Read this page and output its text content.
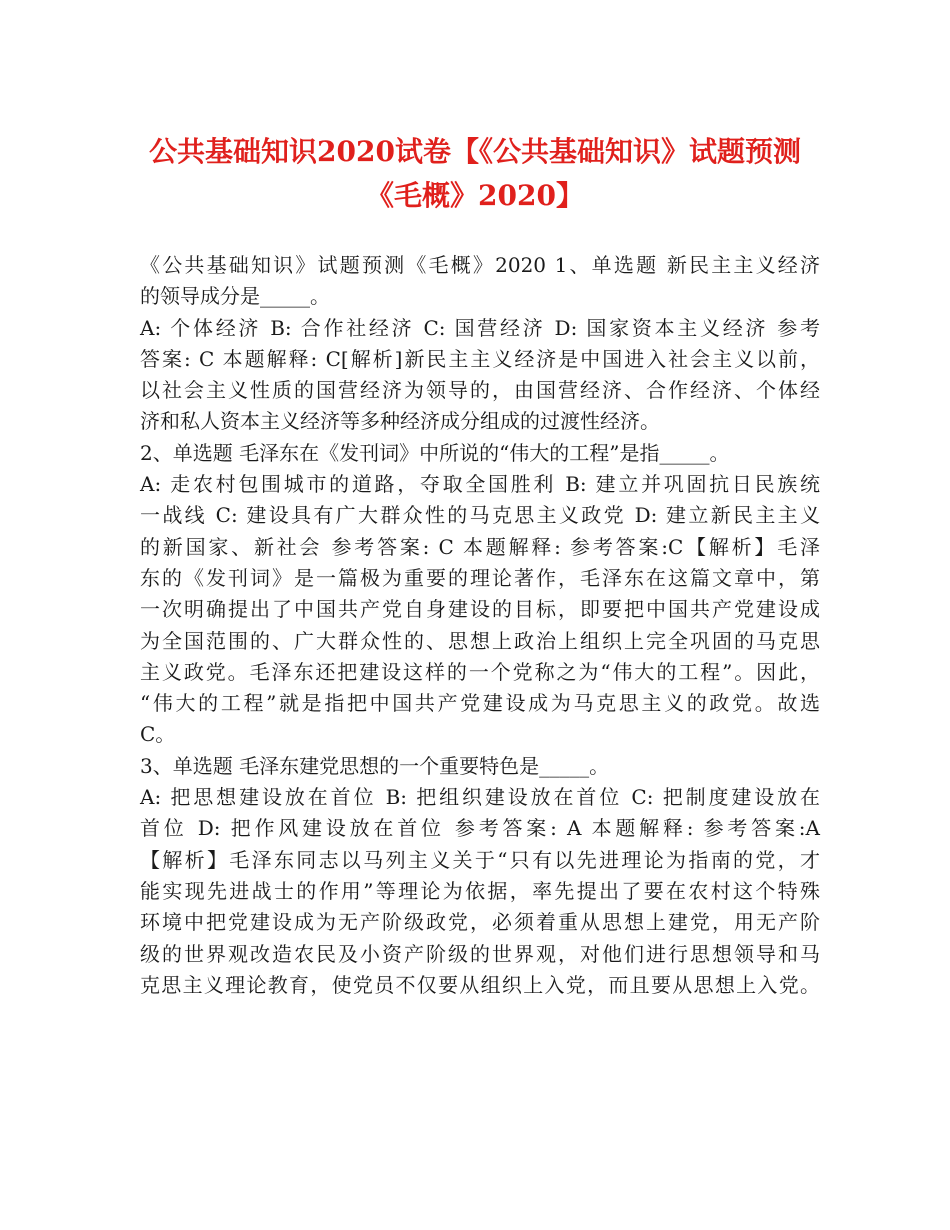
公共基础知识2020试卷【《公共基础知识》试题预测
《毛概》2020】
《公共基础知识》试题预测《毛概》2020 1、单选题 新民主主义经济
的领导成分是_____。
A: 个体经济 B: 合作社经济 C: 国营经济 D: 国家资本主义经济 参考
答案: C 本题解释: C[解析]新民主主义经济是中国进入社会主义以前，
以社会主义性质的国营经济为领导的，由国营经济、合作经济、个体经
济和私人资本主义经济等多种经济成分组成的过渡性经济。
2、单选题 毛泽东在《发刊词》中所说的“伟大的工程”是指_____。
A: 走农村包围城市的道路，夺取全国胜利 B: 建立并巩固抗日民族统
一战线 C: 建设具有广大群众性的马克思主义政党 D: 建立新民主主义
的新国家、新社会 参考答案: C 本题解释: 参考答案:C【解析】毛泽
东的《发刊词》是一篇极为重要的理论著作，毛泽东在这篇文章中，第
一次明确提出了中国共产党自身建设的目标，即要把中国共产党建设成
为全国范围的、广大群众性的、思想上政治上组织上完全巩固的马克思
主义政党。毛泽东还把建设这样的一个党称之为“伟大的工程”。因此，
“伟大的工程”就是指把中国共产党建设成为马克思主义的政党。故选
C。
3、单选题 毛泽东建党思想的一个重要特色是_____。
A: 把思想建设放在首位 B: 把组织建设放在首位 C: 把制度建设放在
首位 D: 把作风建设放在首位 参考答案: A 本题解释: 参考答案:A
【解析】毛泽东同志以马列主义关于“只有以先进理论为指南的党，才
能实现先进战士的作用”等理论为依据，率先提出了要在农村这个特殊
环境中把党建设成为无产阶级政党，必须着重从思想上建党，用无产阶
级的世界观改造农民及小资产阶级的世界观，对他们进行思想领导和马
克思主义理论教育，使党员不仅要从组织上入党，而且要从思想上入党。
